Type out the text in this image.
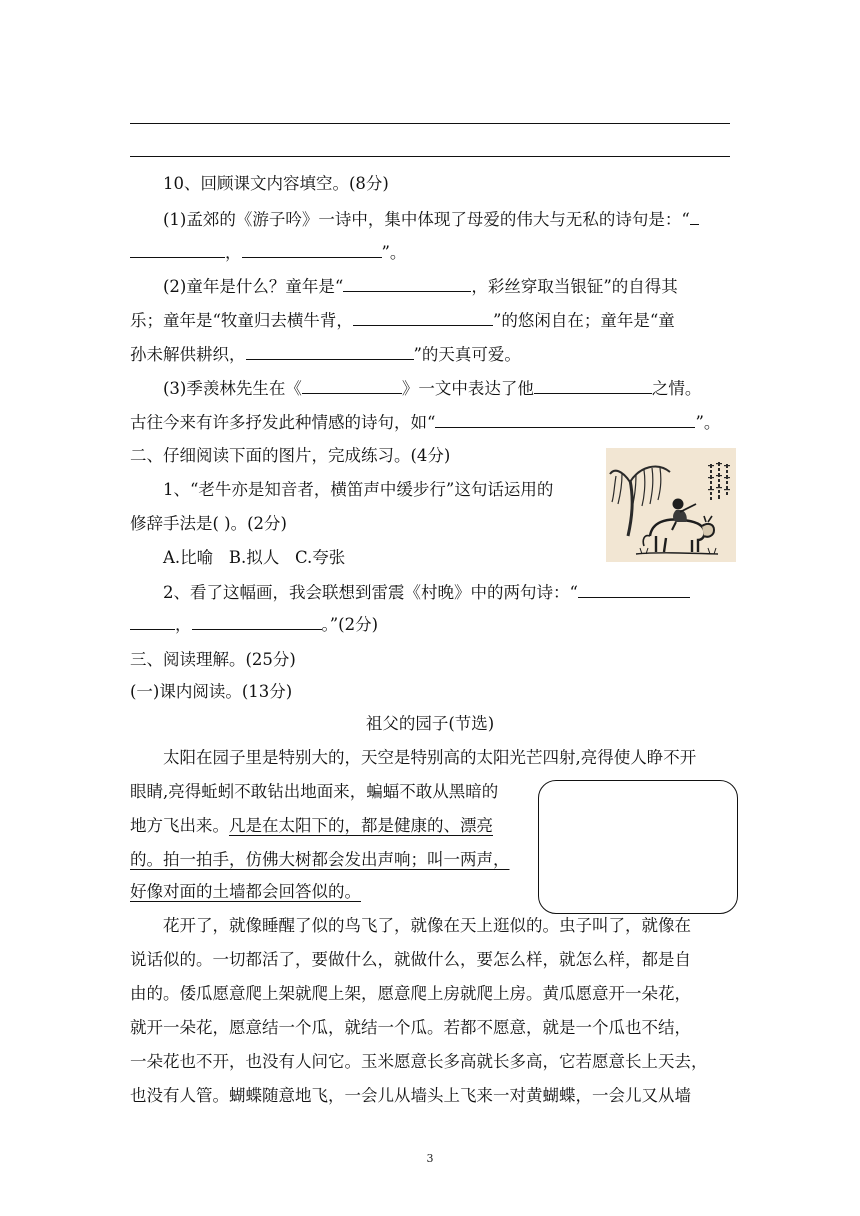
10、回顾课文内容填空。(8分)
(1)孟郊的《游子吟》一诗中，集中体现了母爱的伟大与无私的诗句是：“
，	”。
(2)童年是什么？童年是“	，彩丝穿取当银钲”的自得其
乐；童年是“牧童归去横牛背，	”的悠闲自在；童年是“童
孙未解供耕织，	”的天真可爱。
(3)季羡林先生在《	》一文中表达了他	之情。
古往今来有许多抒发此种情感的诗句，如“	”。
二、仔细阅读下面的图片，完成练习。(4分)
1、“老牛亦是知音者，横笛声中缓步行”这句话运用的
修辞手法是( )。(2分)
A.比喻   B.拟人   C.夸张
2、看了这幅画，我会联想到雷震《村晚》中的两句诗：“
，	。”(2分)
三、阅读理解。(25分)
(一)课内阅读。(13分)
祖父的园子(节选)
太阳在园子里是特别大的，天空是特别高的太阳光芒四射,亮得使人睁不开
眼睛,亮得蚯蚓不敢钻出地面来，蝙蝠不敢从黑暗的
地方飞出来。凡是在太阳下的，都是健康的、漂亮
的。拍一拍手，仿佛大树都会发出声响；叫一两声，
好像对面的土墙都会回答似的。
花开了，就像睡醒了似的鸟飞了，就像在天上逛似的。虫子叫了，就像在
说话似的。一切都活了，要做什么，就做什么，要怎么样，就怎么样，都是自
由的。倭瓜愿意爬上架就爬上架，愿意爬上房就爬上房。黄瓜愿意开一朵花，
就开一朵花，愿意结一个瓜，就结一个瓜。若都不愿意，就是一个瓜也不结，
一朵花也不开，也没有人问它。玉米愿意长多高就长多高，它若愿意长上天去，
也没有人管。蝴蝶随意地飞，一会儿从墙头上飞来一对黄蝴蝶，一会儿又从墙
3
